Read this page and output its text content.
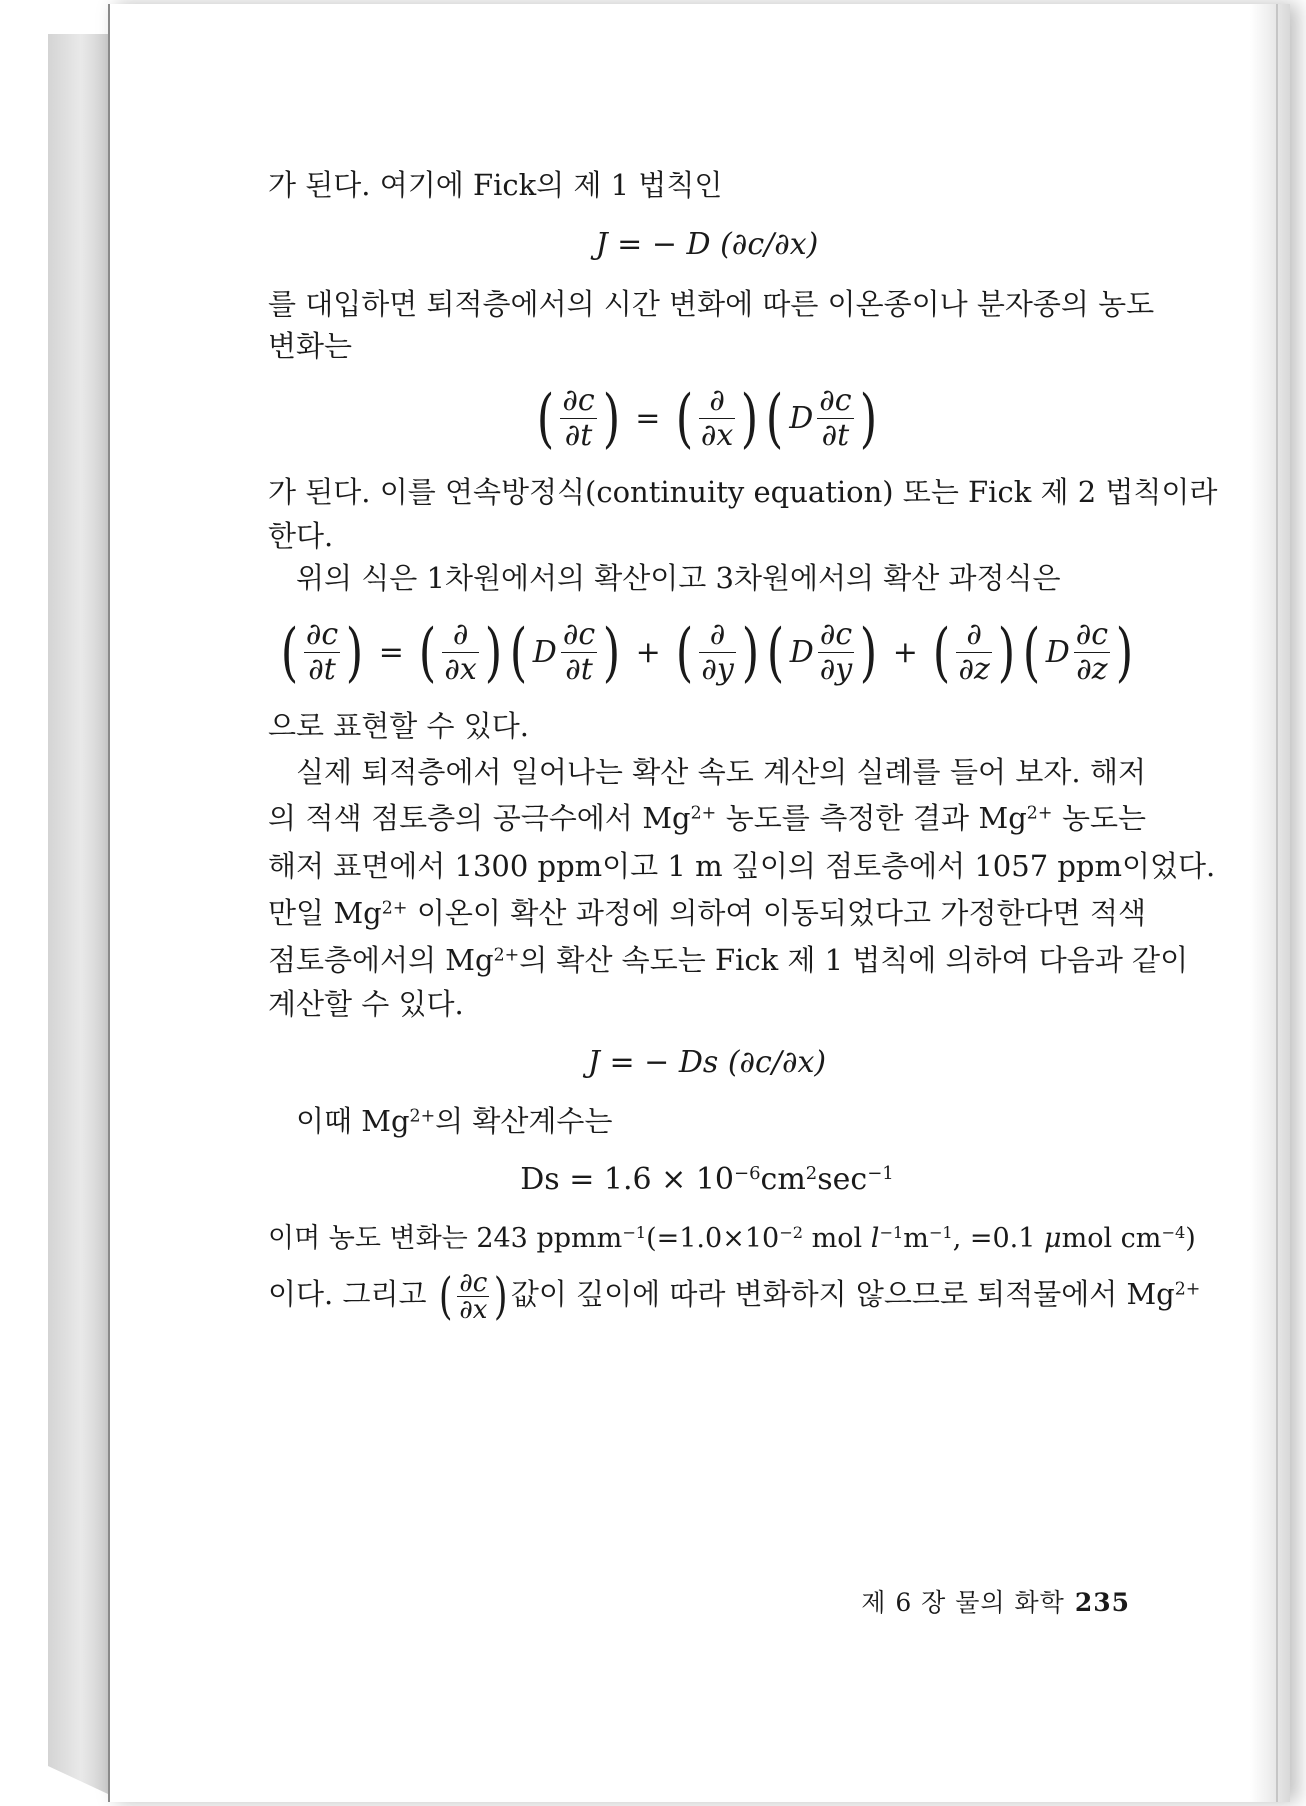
가 된다. 여기에 Fick의 제 1 법칙인
J = − D (∂c/∂x)
를 대입하면 퇴적층에서의 시간 변화에 따른 이온종이나 분자종의 농도
변화는
( $\frac{\partial c}{\partial t}$ ) = ( $\frac{\partial}{\partial x}$ ) ( D $\frac{\partial c}{\partial t}$ )
가 된다. 이를 연속방정식(continuity equation) 또는 Fick 제 2 법칙이라
한다.
위의 식은 1차원에서의 확산이고 3차원에서의 확산 과정식은
( $\frac{\partial c}{\partial t}$ ) = ( $\frac{\partial}{\partial x}$ ) ( D $\frac{\partial c}{\partial t}$ ) + ( $\frac{\partial}{\partial y}$ ) ( D $\frac{\partial c}{\partial y}$ ) + ( $\frac{\partial}{\partial z}$ ) ( D $\frac{\partial c}{\partial z}$ )
으로 표현할 수 있다.
실제 퇴적층에서 일어나는 확산 속도 계산의 실례를 들어 보자. 해저
의 적색 점토층의 공극수에서 $Mg^{2+}$ 농도를 측정한 결과 $Mg^{2+}$ 농도는
해저 표면에서 1300 ppm이고 1 m 깊이의 점토층에서 1057 ppm이었다.
만일 $Mg^{2+}$ 이온이 확산 과정에 의하여 이동되었다고 가정한다면 적색
점토층에서의 $Mg^{2+}$의 확산 속도는 Fick 제 1 법칙에 의하여 다음과 같이
계산할 수 있다.
J = − Ds (∂c/∂x)
이때 $Mg^{2+}$의 확산계수는
$Ds = 1.6 \times 10^{-6}cm^2\sec^{-1}$
이며 농도 변화는 243 $ppmm^{-1}(=1.0\times 10^{-2}$ mol $l^{-1}m^{-1}$, =0.1 μmol $cm^{-4}$)
이다. 그리고 ( $\frac{\partial c}{\partial x}$ ) 값이 깊이에 따라 변화하지 않으므로 퇴적물에서 $Mg^{2+}$
제 6 장 물의 화학 235
